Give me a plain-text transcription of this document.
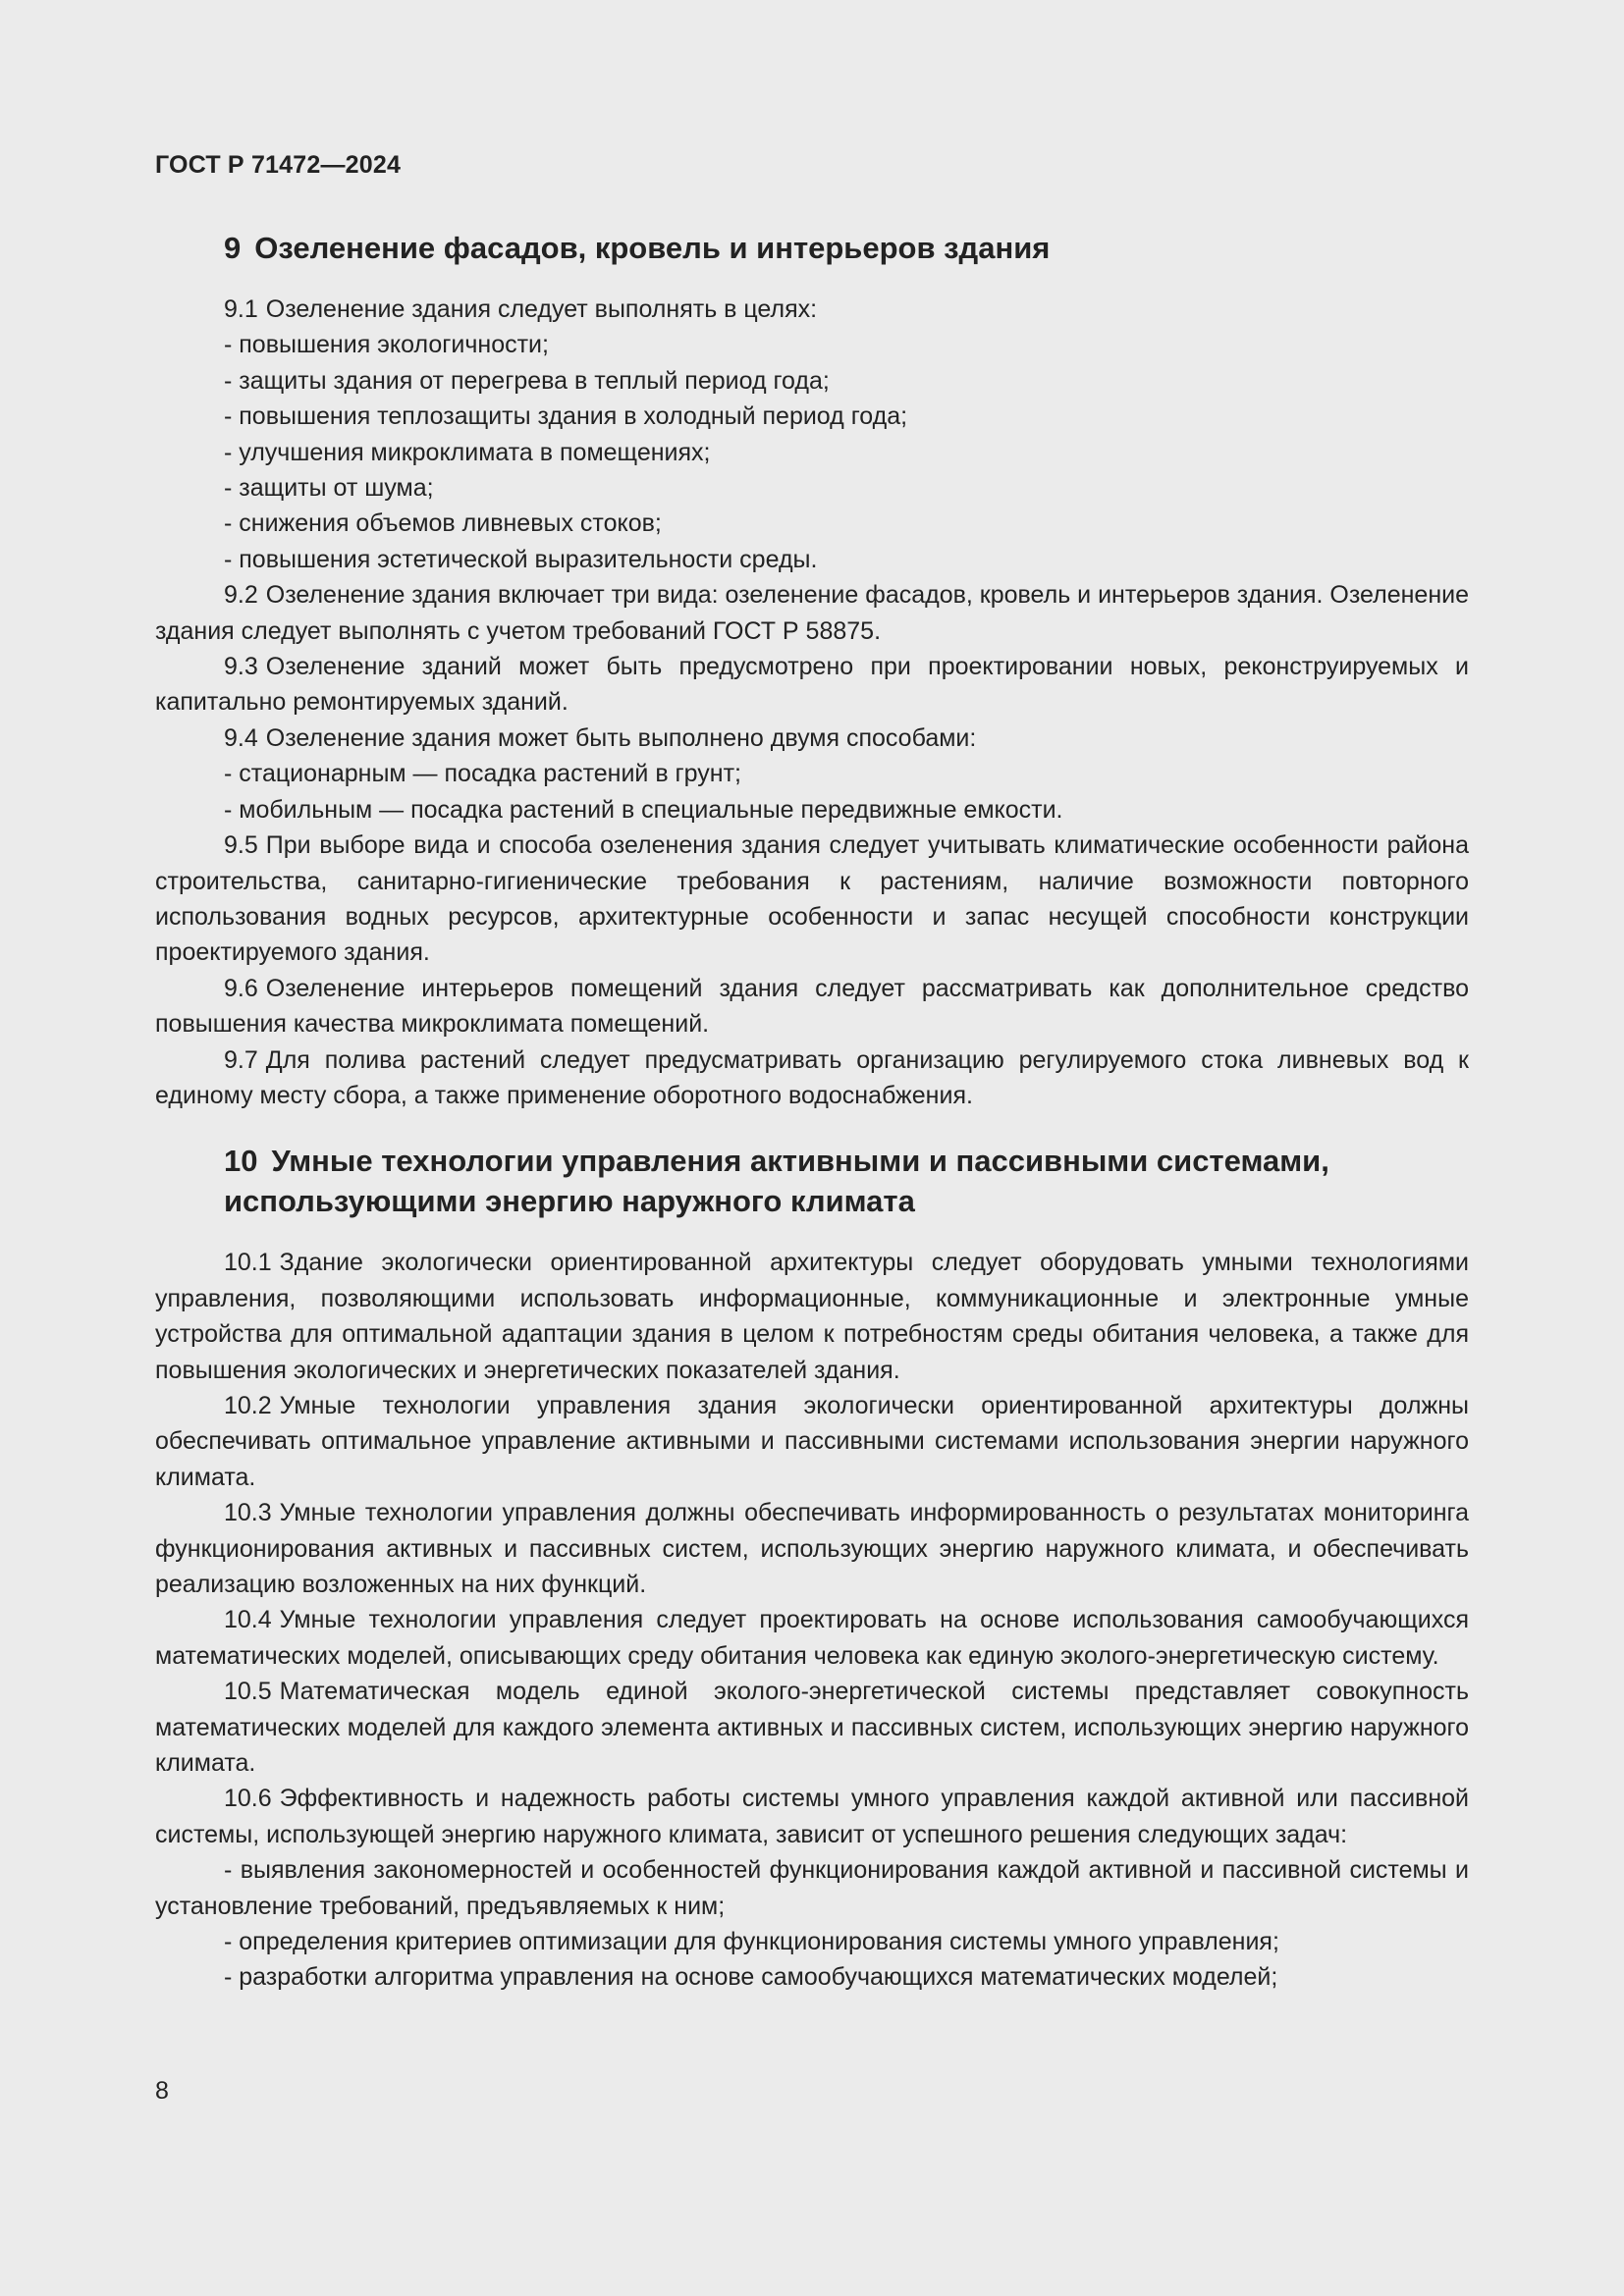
ГОСТ Р 71472—2024
9 Озеленение фасадов, кровель и интерьеров здания

9.1 Озеленение здания следует выполнять в целях:

- повышения экологичности;

- защиты здания от перегрева в теплый период года;

- повышения теплозащиты здания в холодный период года;

- улучшения микроклимата в помещениях;

- защиты от шума;

- снижения объемов ливневых стоков;

- повышения эстетической выразительности среды.

9.2 Озеленение здания включает три вида: озеленение фасадов, кровель и интерьеров здания. Озеленение здания следует выполнять с учетом требований ГОСТ Р 58875.

9.3 Озеленение зданий может быть предусмотрено при проектировании новых, реконструируемых и капитально ремонтируемых зданий.

9.4 Озеленение здания может быть выполнено двумя способами:

- стационарным — посадка растений в грунт;

- мобильным — посадка растений в специальные передвижные емкости.

9.5 При выборе вида и способа озеленения здания следует учитывать климатические особенности района строительства, санитарно-гигиенические требования к растениям, наличие возможности повторного использования водных ресурсов, архитектурные особенности и запас несущей способности конструкции проектируемого здания.

9.6 Озеленение интерьеров помещений здания следует рассматривать как дополнительное средство повышения качества микроклимата помещений.

9.7 Для полива растений следует предусматривать организацию регулируемого стока ливневых вод к единому месту сбора, а также применение оборотного водоснабжения.

10 Умные технологии управления активными и пассивными системами,
использующими энергию наружного климата

10.1 Здание экологически ориентированной архитектуры следует оборудовать умными технологиями управления, позволяющими использовать информационные, коммуникационные и электронные умные устройства для оптимальной адаптации здания в целом к потребностям среды обитания человека, а также для повышения экологических и энергетических показателей здания.

10.2 Умные технологии управления здания экологически ориентированной архитектуры должны обеспечивать оптимальное управление активными и пассивными системами использования энергии наружного климата.

10.3 Умные технологии управления должны обеспечивать информированность о результатах мониторинга функционирования активных и пассивных систем, использующих энергию наружного климата, и обеспечивать реализацию возложенных на них функций.

10.4 Умные технологии управления следует проектировать на основе использования самообучающихся математических моделей, описывающих среду обитания человека как единую эколого-энергетическую систему.

10.5 Математическая модель единой эколого-энергетической системы представляет совокупность математических моделей для каждого элемента активных и пассивных систем, использующих энергию наружного климата.

10.6 Эффективность и надежность работы системы умного управления каждой активной или пассивной системы, использующей энергию наружного климата, зависит от успешного решения следующих задач:

- выявления закономерностей и особенностей функционирования каждой активной и пассивной системы и установление требований, предъявляемых к ним;

- определения критериев оптимизации для функционирования системы умного управления;

- разработки алгоритма управления на основе самообучающихся математических моделей;

8
